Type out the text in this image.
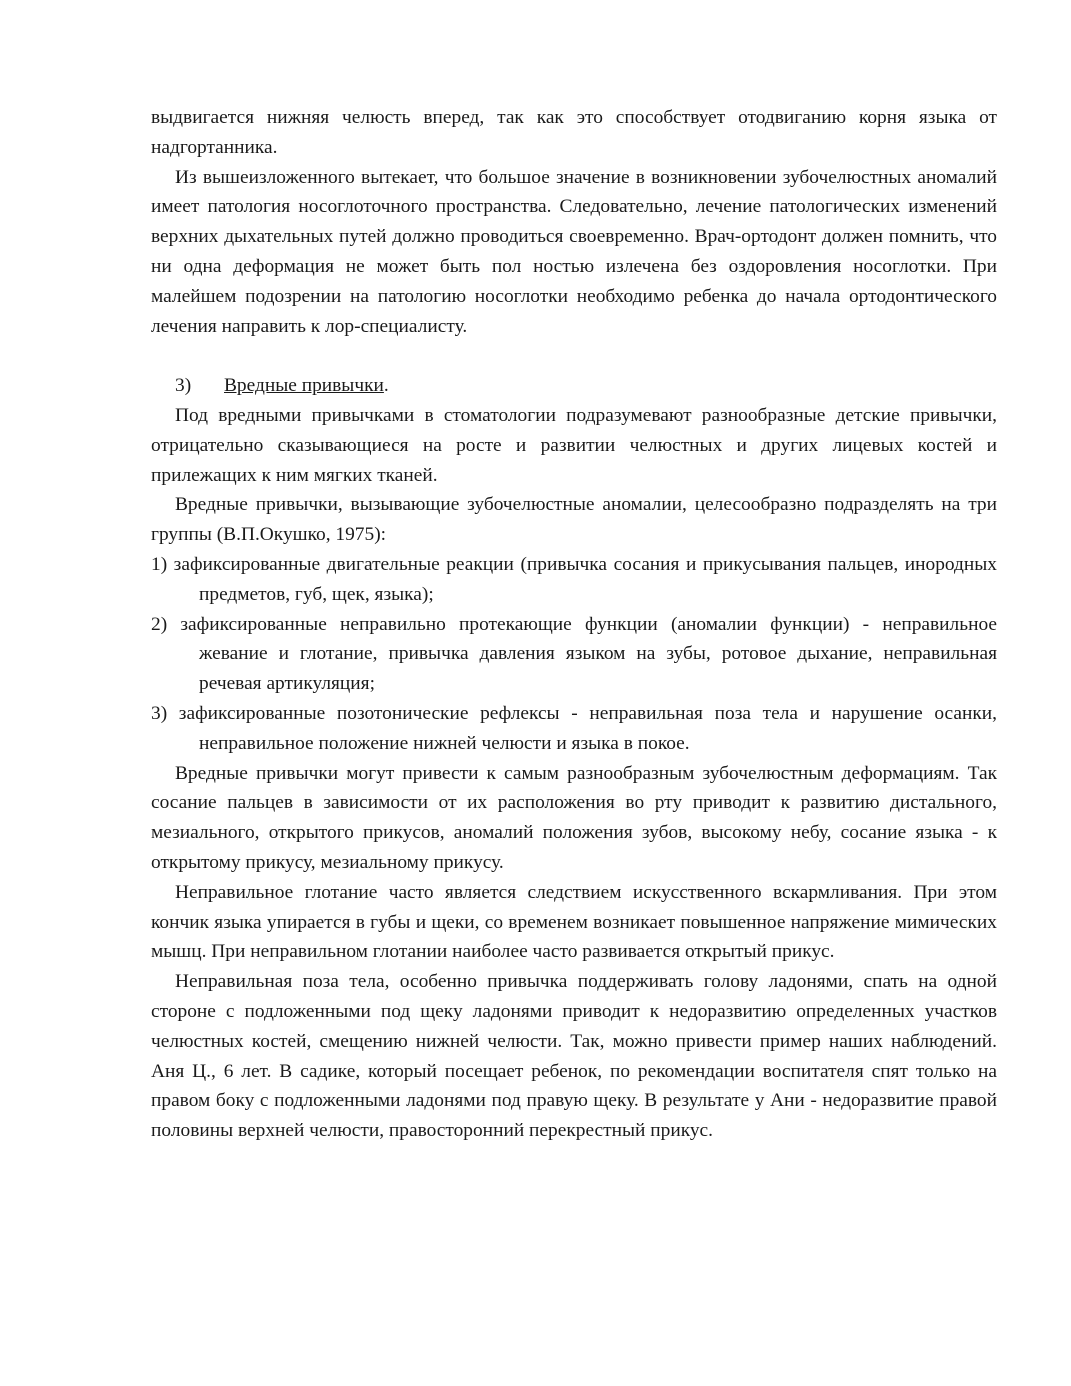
выдвигается нижняя челюсть вперед, так как это способствует отодвиганию корня языка от надгортанника.

Из вышеизложенного вытекает, что большое значение в возникновении зубочелюстных аномалий имеет патология носоглоточного пространства. Следовательно, лечение патологических изменений верхних дыхательных путей должно проводиться своевременно. Врач-ортодонт должен помнить, что ни одна деформация не может быть пол ностью излечена без оздоровления носоглотки. При малейшем подозрении на патологию носоглотки необходимо ребенка до начала ортодонтического лечения направить к лор-специалисту.

3) Вредные привычки.

Под вредными привычками в стоматологии подразумевают разнообразные детские привычки, отрицательно сказывающиеся на росте и развитии челюстных и других лицевых костей и прилежащих к ним мягких тканей.

Вредные привычки, вызывающие зубочелюстные аномалии, целесообразно подразделять на три группы (В.П.Окушко, 1975):

1) зафиксированные двигательные реакции (привычка сосания и прикусывания пальцев, инородных предметов, губ, щек, языка);

2) зафиксированные неправильно протекающие функции (аномалии функции) - неправильное жевание и глотание, привычка давления языком на зубы, ротовое дыхание, неправильная речевая артикуляция;

3) зафиксированные позотонические рефлексы - неправильная поза тела и нарушение осанки, неправильное положение нижней челюсти и языка в покое.

Вредные привычки могут привести к самым разнообразным зубочелюстным деформациям. Так сосание пальцев в зависимости от их расположения во рту приводит к развитию дистального, мезиального, открытого прикусов, аномалий положения зубов, высокому небу, сосание языка - к открытому прикусу, мезиальному прикусу.

Неправильное глотание часто является следствием искусственного вскармливания. При этом кончик языка упирается в губы и щеки, со временем возникает повышенное напряжение мимических мышц. При неправильном глотании наиболее часто развивается открытый прикус.

Неправильная поза тела, особенно привычка поддерживать голову ладонями, спать на одной стороне с подложенными под щеку ладонями приводит к недоразвитию определенных участков челюстных костей, смещению нижней челюсти. Так, можно привести пример наших наблюдений. Аня Ц., 6 лет. В садике, который посещает ребенок, по рекомендации воспитателя спят только на правом боку с подложенными ладонями под правую щеку. В результате у Ани - недоразвитие правой половины верхней челюсти, правосторонний перекрестный прикус.
